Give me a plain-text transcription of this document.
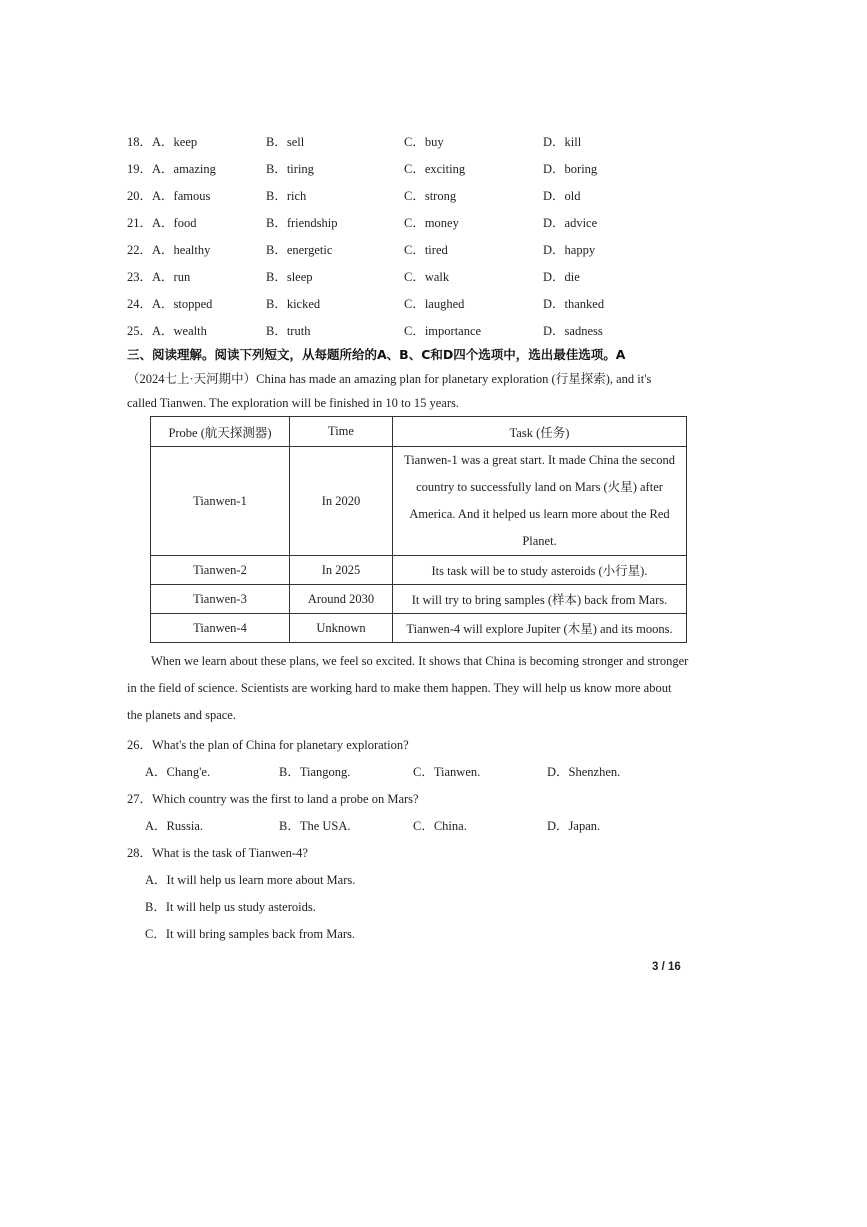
18．A．keep	B．sell	C．buy	D．kill
19．A．amazing	B．tiring	C．exciting	D．boring
20．A．famous	B．rich	C．strong	D．old
21．A．food	B．friendship	C．money	D．advice
22．A．healthy	B．energetic	C．tired	D．happy
23．A．run	B．sleep	C．walk	D．die
24．A．stopped	B．kicked	C．laughed	D．thanked
25．A．wealth	B．truth	C．importance	D．sadness
三、阅读理解。阅读下列短文，从每题所给的A、B、C和D四个选项中，选出最佳选项。A
（2024七上·天河期中）China has made an amazing plan for planetary exploration (行星探索), and it's
called Tianwen. The exploration will be finished in 10 to 15 years.
Probe (航天探测器)	Time	Task (任务)
Tianwen-1	In 2020	Tianwen-1 was a great start. It made China the second country to successfully land on Mars (火星) after America. And it helped us learn more about the Red Planet.
Tianwen-2	In 2025	Its task will be to study asteroids (小行星).
Tianwen-3	Around 2030	It will try to bring samples (样本) back from Mars.
Tianwen-4	Unknown	Tianwen-4 will explore Jupiter (木星) and its moons.
When we learn about these plans, we feel so excited. It shows that China is becoming stronger and stronger
in the field of science. Scientists are working hard to make them happen. They will help us know more about
the planets and space.
26．What's the plan of China for planetary exploration?
A．Chang'e.	B．Tiangong.	C．Tianwen.	D．Shenzhen.
27．Which country was the first to land a probe on Mars?
A．Russia.	B．The USA.	C．China.	D．Japan.
28．What is the task of Tianwen-4?
A．It will help us learn more about Mars.
B．It will help us study asteroids.
C．It will bring samples back from Mars.
3 / 16
